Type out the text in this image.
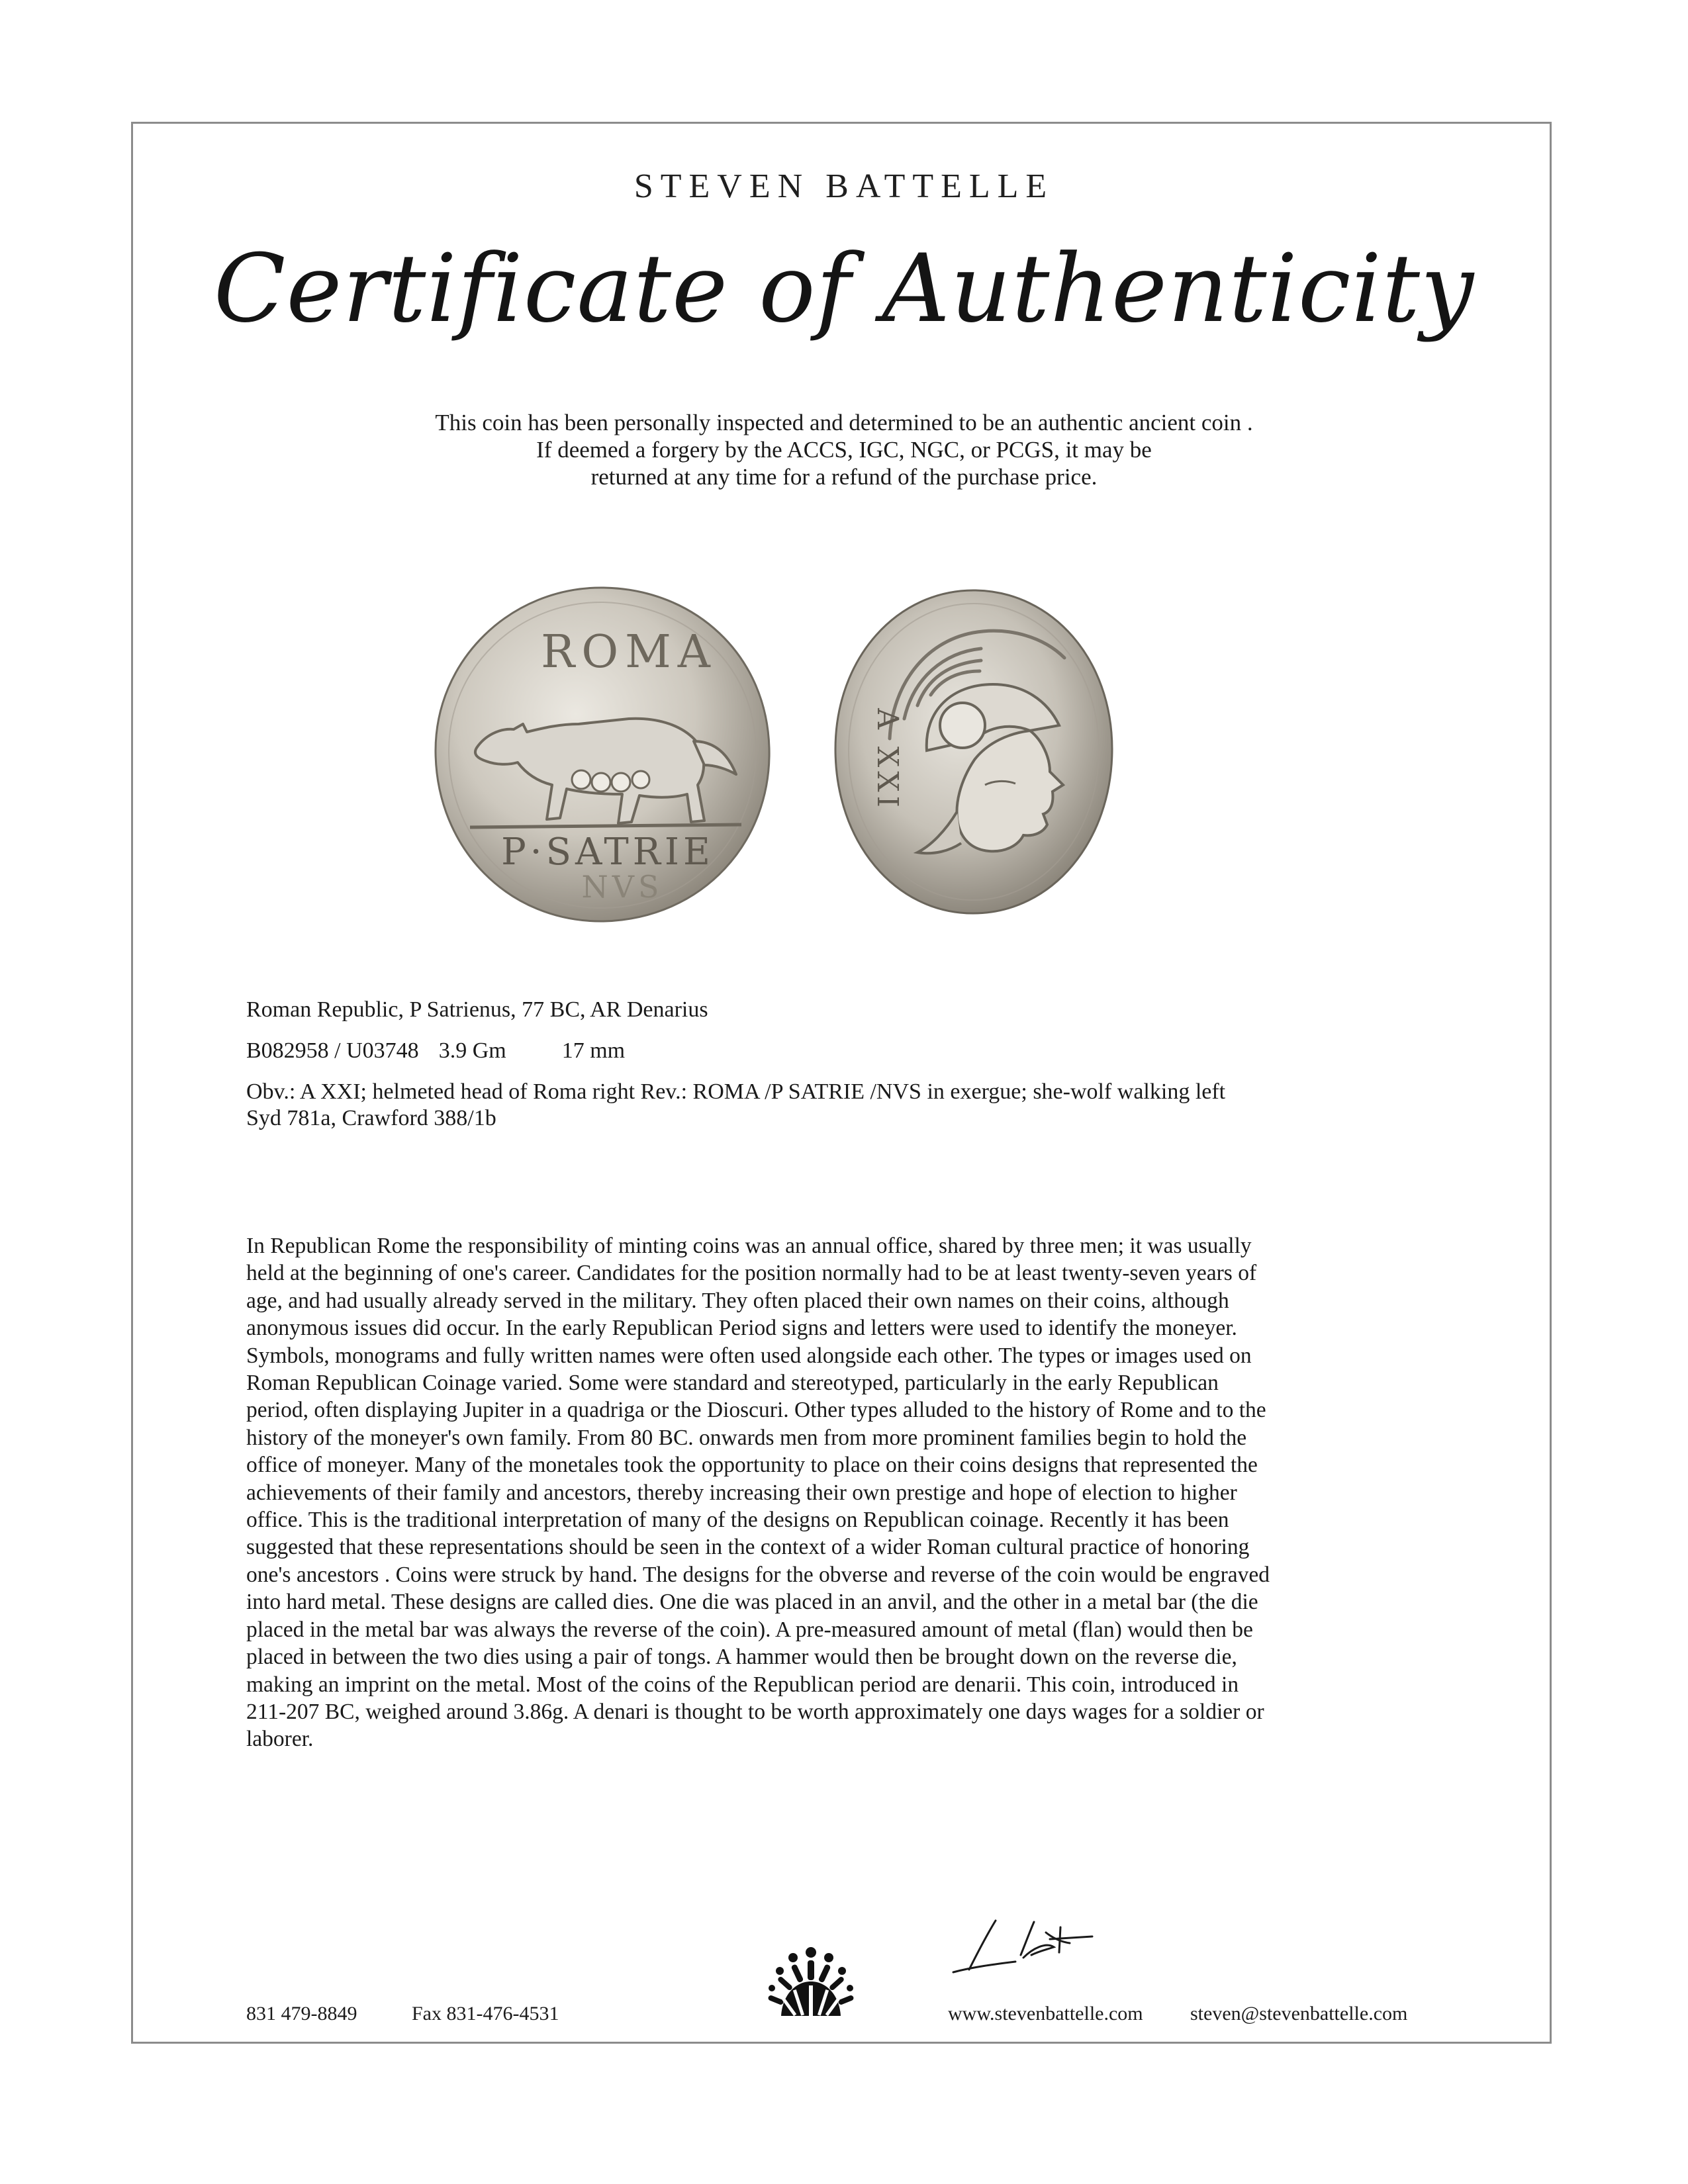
STEVEN BATTELLE
Certificate of Authenticity
This coin has been personally inspected and determined to be an authentic ancient coin .
If deemed a forgery by the ACCS, IGC, NGC, or PCGS, it may be
returned at any time for a refund of the purchase price.
ROMA
P·SATRIE
NVS
A XXI
Roman Republic, P Satrienus, 77 BC, AR Denarius
B082958 / U03748 3.9 Gm 17 mm
Obv.: A XXI; helmeted head of Roma right Rev.: ROMA /P SATRIE /NVS in exergue; she-wolf walking left
Syd 781a, Crawford 388/1b
In Republican Rome the responsibility of minting coins was an annual office, shared by three men; it was usually
held at the beginning of one's career. Candidates for the position normally had to be at least twenty-seven years of
age, and had usually already served in the military. They often placed their own names on their coins, although
anonymous issues did occur. In the early Republican Period signs and letters were used to identify the moneyer.
Symbols, monograms and fully written names were often used alongside each other. The types or images used on
Roman Republican Coinage varied. Some were standard and stereotyped, particularly in the early Republican
period, often displaying Jupiter in a quadriga or the Dioscuri. Other types alluded to the history of Rome and to the
history of the moneyer's own family. From 80 BC. onwards men from more prominent families begin to hold the
office of moneyer. Many of the monetales took the opportunity to place on their coins designs that represented the
achievements of their family and ancestors, thereby increasing their own prestige and hope of election to higher
office. This is the traditional interpretation of many of the designs on Republican coinage. Recently it has been
suggested that these representations should be seen in the context of a wider Roman cultural practice of honoring
one's ancestors . Coins were struck by hand. The designs for the obverse and reverse of the coin would be engraved
into hard metal. These designs are called dies. One die was placed in an anvil, and the other in a metal bar (the die
placed in the metal bar was always the reverse of the coin). A pre-measured amount of metal (flan) would then be
placed in between the two dies using a pair of tongs. A hammer would then be brought down on the reverse die,
making an imprint on the metal. Most of the coins of the Republican period are denarii. This coin, introduced in
211-207 BC, weighed around 3.86g. A denari is thought to be worth approximately one days wages for a soldier or
laborer.
831 479-8849	Fax 831-476-4531	www.stevenbattelle.com steven@stevenbattelle.com
